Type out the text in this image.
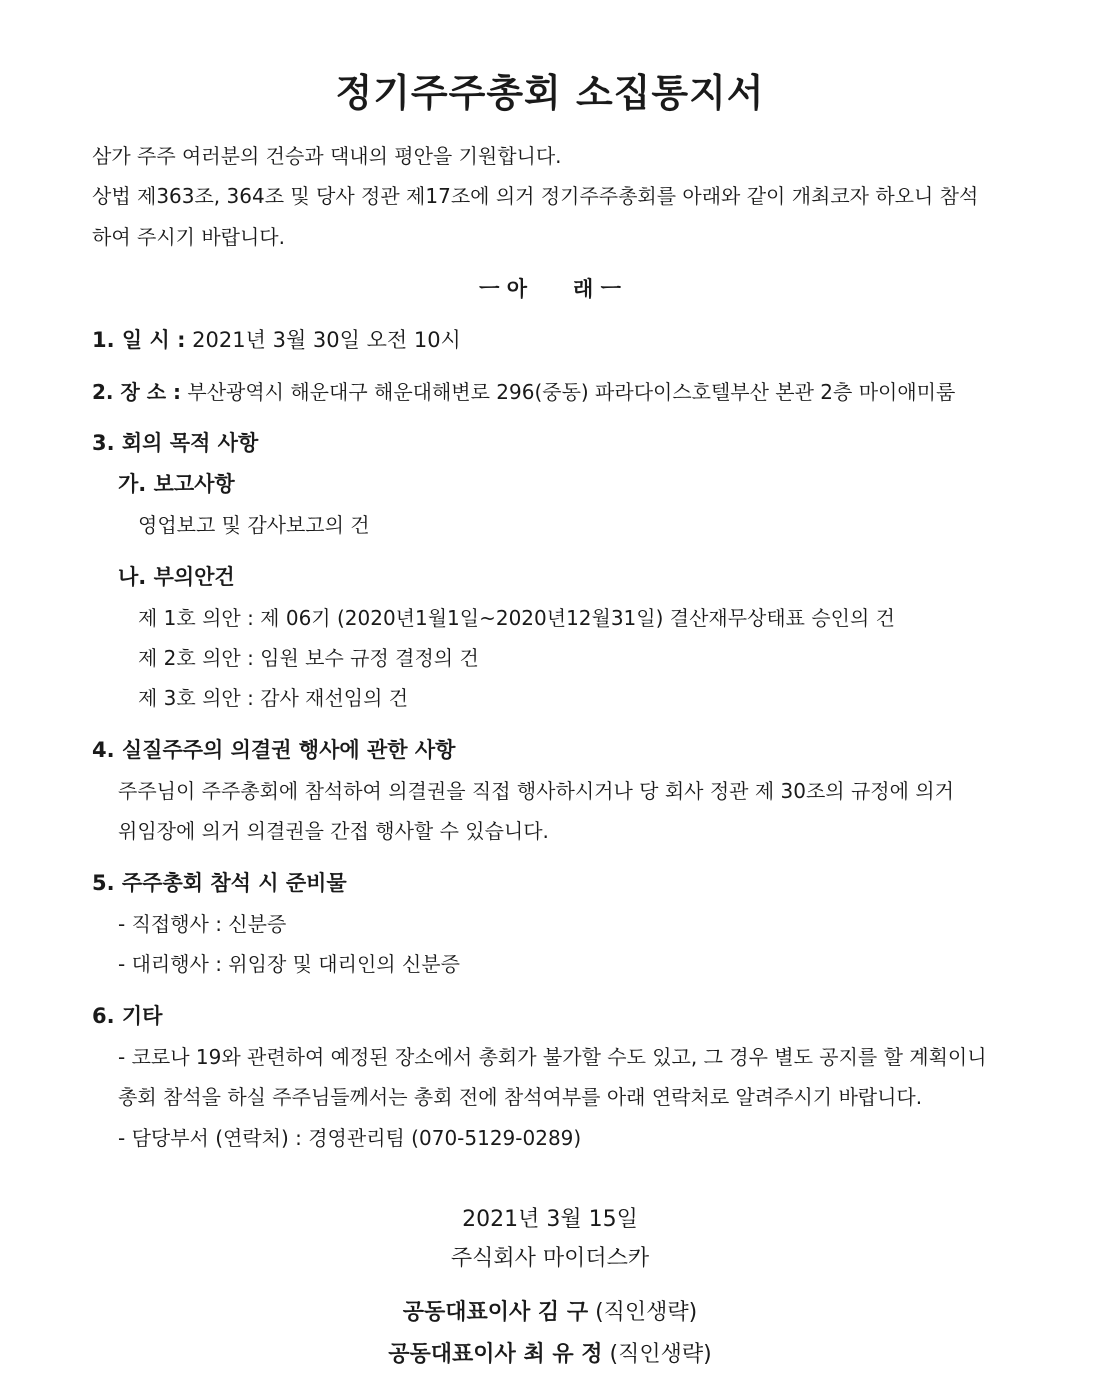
정기주주총회 소집통지서
삼가 주주 여러분의 건승과 댁내의 평안을 기원합니다.
상법 제363조, 364조 및 당사 정관 제17조에 의거 정기주주총회를 아래와 같이 개최코자 하오니 참석
하여 주시기 바랍니다.
ㅡ 아 래 ㅡ
1. 일 시 : 2021년 3월 30일 오전 10시
2. 장 소 : 부산광역시 해운대구 해운대해변로 296(중동) 파라다이스호텔부산 본관 2층 마이애미룸
3. 회의 목적 사항
가. 보고사항
영업보고 및 감사보고의 건
나. 부의안건
제 1호 의안 : 제 06기 (2020년1월1일~2020년12월31일) 결산재무상태표 승인의 건
제 2호 의안 : 임원 보수 규정 결정의 건
제 3호 의안 : 감사 재선임의 건
4. 실질주주의 의결권 행사에 관한 사항
주주님이 주주총회에 참석하여 의결권을 직접 행사하시거나 당 회사 정관 제 30조의 규정에 의거
위임장에 의거 의결권을 간접 행사할 수 있습니다.
5. 주주총회 참석 시 준비물
- 직접행사 : 신분증
- 대리행사 : 위임장 및 대리인의 신분증
6. 기타
- 코로나 19와 관련하여 예정된 장소에서 총회가 불가할 수도 있고, 그 경우 별도 공지를 할 계획이니
총회 참석을 하실 주주님들께서는 총회 전에 참석여부를 아래 연락처로 알려주시기 바랍니다.
- 담당부서 (연락처) : 경영관리팀 (070-5129-0289)
2021년 3월 15일
주식회사 마이더스카
공동대표이사 김 구 (직인생략)
공동대표이사 최 유 정 (직인생략)
